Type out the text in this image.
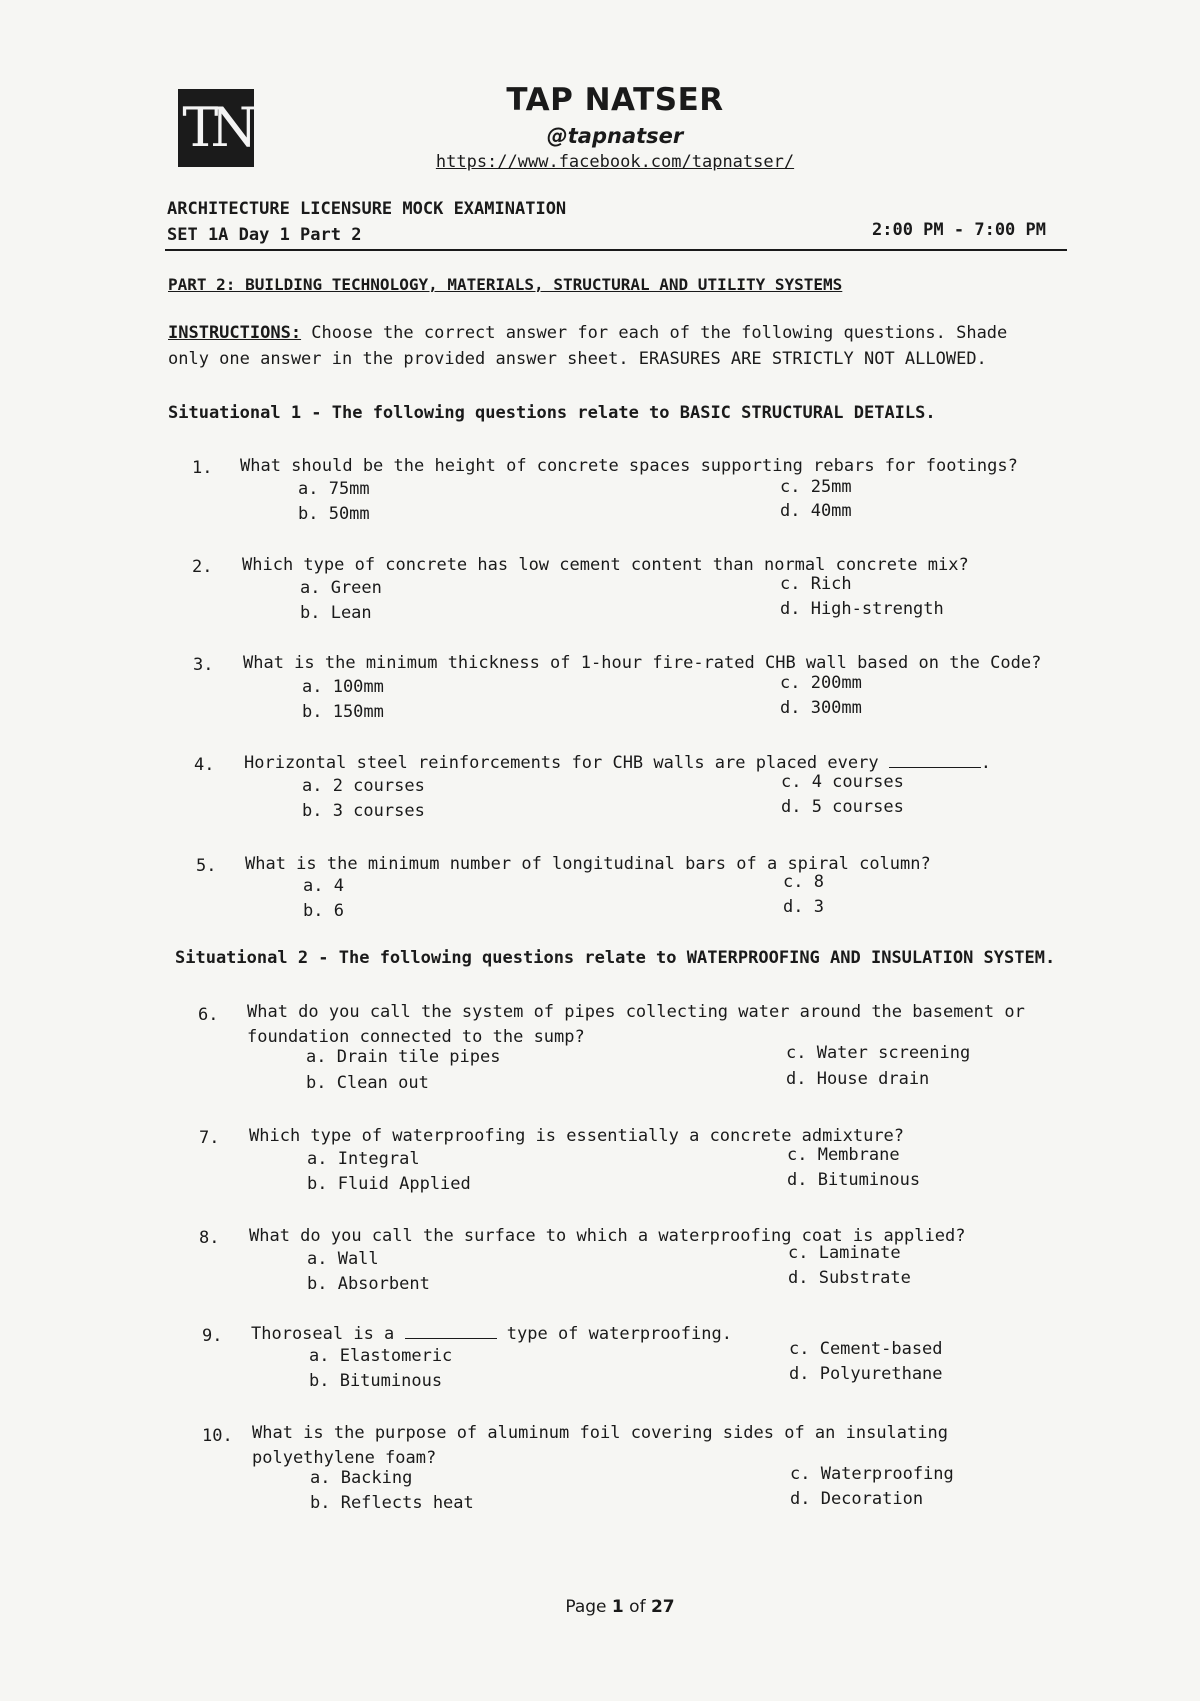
TN	TAP NATSER
@tapnatser
https://www.facebook.com/tapnatser/
ARCHITECTURE LICENSURE MOCK EXAMINATION
SET 1A Day 1 Part 2	2:00 PM - 7:00 PM
PART 2: BUILDING TECHNOLOGY, MATERIALS, STRUCTURAL AND UTILITY SYSTEMS
INSTRUCTIONS: Choose the correct answer for each of the following questions. Shade
only one answer in the provided answer sheet. ERASURES ARE STRICTLY NOT ALLOWED.
Situational 1 - The following questions relate to BASIC STRUCTURAL DETAILS.
1. What should be the height of concrete spaces supporting rebars for footings?
a. 75mm
b. 50mm
c. 25mm
d. 40mm
2. Which type of concrete has low cement content than normal concrete mix?
a. Green
b. Lean
c. Rich
d. High-strength
3. What is the minimum thickness of 1-hour fire-rated CHB wall based on the Code?
a. 100mm
b. 150mm
c. 200mm
d. 300mm
4. Horizontal steel reinforcements for CHB walls are placed every	.
a. 2 courses
b. 3 courses
c. 4 courses
d. 5 courses
5. What is the minimum number of longitudinal bars of a spiral column?
a. 4
b. 6
c. 8
d. 3
Situational 2 - The following questions relate to WATERPROOFING AND INSULATION SYSTEM.
6. What do you call the system of pipes collecting water around the basement or
foundation connected to the sump?
a. Drain tile pipes
b. Clean out
c. Water screening
d. House drain
7. Which type of waterproofing is essentially a concrete admixture?
a. Integral
b. Fluid Applied
c. Membrane
d. Bituminous
8. What do you call the surface to which a waterproofing coat is applied?
a. Wall
b. Absorbent
c. Laminate
d. Substrate
9. Thoroseal is a	type of waterproofing.
a. Elastomeric
b. Bituminous
c. Cement-based
d. Polyurethane
10. What is the purpose of aluminum foil covering sides of an insulating
polyethylene foam?
a. Backing
b. Reflects heat
c. Waterproofing
d. Decoration
Page 1 of 27
